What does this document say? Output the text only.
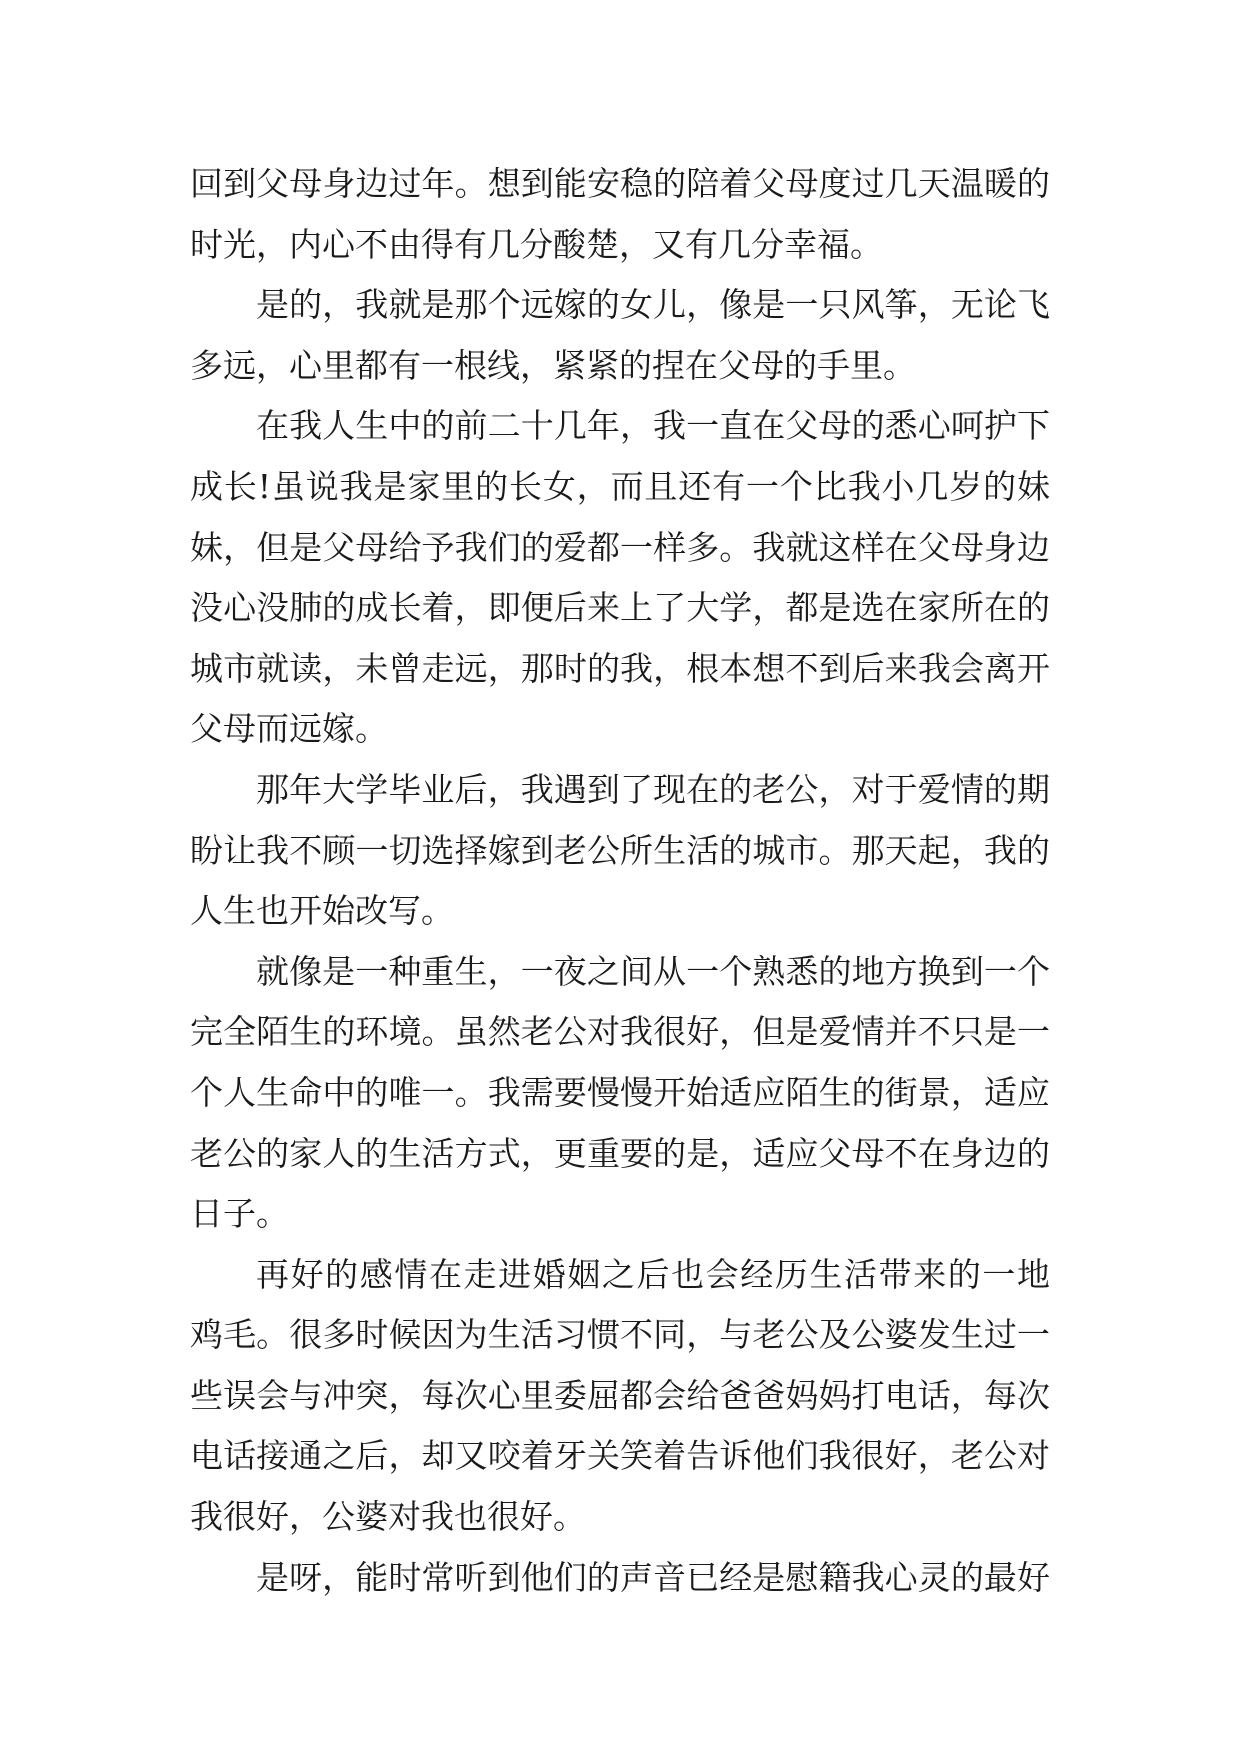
回到父母身边过年。想到能安稳的陪着父母度过几天温暖的
时光，内心不由得有几分酸楚，又有几分幸福。
是的，我就是那个远嫁的女儿，像是一只风筝，无论飞
多远，心里都有一根线，紧紧的捏在父母的手里。
在我人生中的前二十几年，我一直在父母的悉心呵护下
成长!虽说我是家里的长女，而且还有一个比我小几岁的妹
妹，但是父母给予我们的爱都一样多。我就这样在父母身边
没心没肺的成长着，即便后来上了大学，都是选在家所在的
城市就读，未曾走远，那时的我，根本想不到后来我会离开
父母而远嫁。
那年大学毕业后，我遇到了现在的老公，对于爱情的期
盼让我不顾一切选择嫁到老公所生活的城市。那天起，我的
人生也开始改写。
就像是一种重生，一夜之间从一个熟悉的地方换到一个
完全陌生的环境。虽然老公对我很好，但是爱情并不只是一
个人生命中的唯一。我需要慢慢开始适应陌生的街景，适应
老公的家人的生活方式，更重要的是，适应父母不在身边的
日子。
再好的感情在走进婚姻之后也会经历生活带来的一地
鸡毛。很多时候因为生活习惯不同，与老公及公婆发生过一
些误会与冲突，每次心里委屈都会给爸爸妈妈打电话，每次
电话接通之后，却又咬着牙关笑着告诉他们我很好，老公对
我很好，公婆对我也很好。
是呀，能时常听到他们的声音已经是慰籍我心灵的最好
